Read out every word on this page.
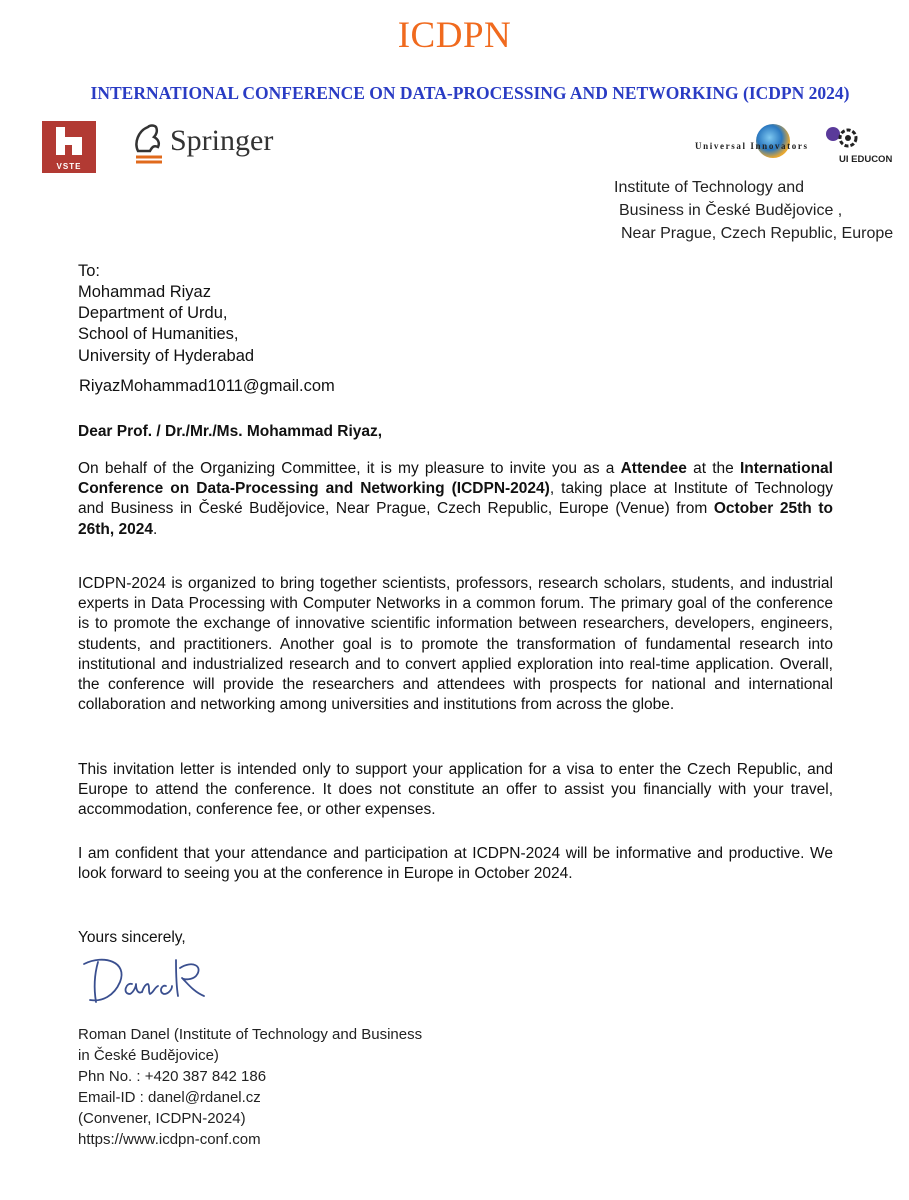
ICDPN
INTERNATIONAL CONFERENCE ON DATA-PROCESSING AND NETWORKING (ICDPN 2024)
VSTE
Springer	Universal Innovators
UI EDUCON
Institute of Technology and
Business in České Budějovice ,
Near Prague, Czech Republic, Europe
To:
Mohammad Riyaz
Department of Urdu,
School of Humanities,
University of Hyderabad
RiyazMohammad1011@gmail.com
Dear Prof. / Dr./Mr./Ms. Mohammad Riyaz,
On behalf of the Organizing Committee, it is my pleasure to invite you as a Attendee at the International Conference on Data-Processing and Networking (ICDPN-2024), taking place at Institute of Technology and Business in České Budějovice, Near Prague, Czech Republic, Europe (Venue) from October 25th to 26th, 2024.
ICDPN-2024 is organized to bring together scientists, professors, research scholars, students, and industrial experts in Data Processing with Computer Networks in a common forum. The primary goal of the conference is to promote the exchange of innovative scientific information between researchers, developers, engineers, students, and practitioners. Another goal is to promote the transformation of fundamental research into institutional and industrialized research and to convert applied exploration into real-time application. Overall, the conference will provide the researchers and attendees with prospects for national and international collaboration and networking among universities and institutions from across the globe.
This invitation letter is intended only to support your application for a visa to enter the Czech Republic, and Europe to attend the conference. It does not constitute an offer to assist you financially with your travel, accommodation, conference fee, or other expenses.
I am confident that your attendance and participation at ICDPN-2024 will be informative and productive. We look forward to seeing you at the conference in Europe in October 2024.
Yours sincerely,
Roman Danel (Institute of Technology and Business
in České Budějovice)
Phn No. : +420 387 842 186
Email-ID : danel@rdanel.cz
(Convener, ICDPN-2024)
https://www.icdpn-conf.com
